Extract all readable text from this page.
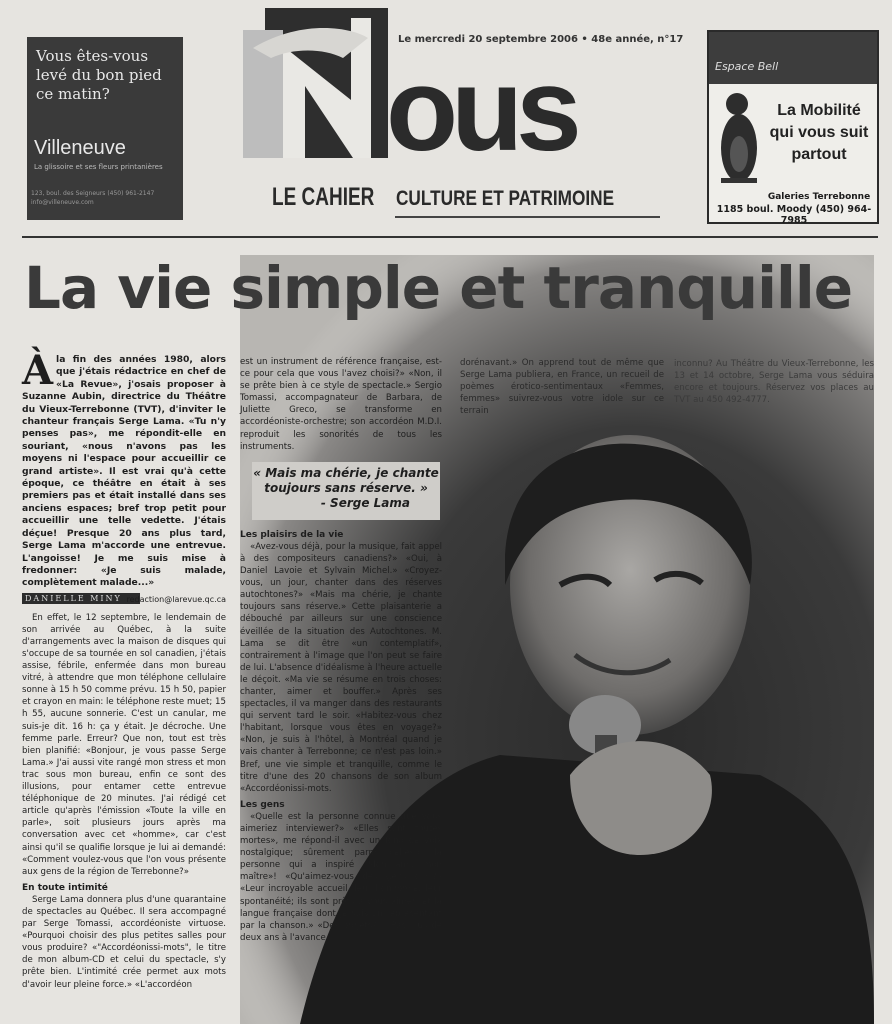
Vous êtes-vous levé du bon pied ce matin?
Villeneuve
La glissoire et ses fleurs printanières
123, boul. des Seigneurs (450) 961-2147 info@villeneuve.com
ous
Le mercredi 20 septembre 2006 • 48e année, n°17
LE CAHIER CULTURE ET PATRIMOINE
Espace Bell
La Mobilité qui vous suit partout
Galeries Terrebonne
1185 boul. Moody (450) 964-7985
La vie simple et tranquille

Àla fin des années 1980, alors que j'étais rédactrice en chef de «La Revue», j'osais proposer à Suzanne Aubin, directrice du Théâtre du Vieux-Terrebonne (TVT), d'inviter le chanteur français Serge Lama. «Tu n'y penses pas», me répondit-elle en souriant, «nous n'avons pas les moyens ni l'espace pour accueillir ce grand artiste». Il est vrai qu'à cette époque, ce théâtre en était à ses premiers pas et était installé dans ses anciens espaces; bref trop petit pour accueillir une telle vedette. J'étais déçue! Presque 20 ans plus tard, Serge Lama m'accorde une entrevue. L'angoisse! Je me suis mise à fredonner: «Je suis malade, complètement malade...»

DANIELLE MINY redaction@larevue.qc.ca

En effet, le 12 septembre, le lendemain de son arrivée au Québec, à la suite d'arrangements avec la maison de disques qui s'occupe de sa tournée en sol canadien, j'étais assise, fébrile, enfermée dans mon bureau vitré, à attendre que mon téléphone cellulaire sonne à 15 h 50 comme prévu. 15 h 50, papier et crayon en main: le téléphone reste muet; 15 h 55, aucune sonnerie. C'est un canular, me suis-je dit. 16 h: ça y était. Je décroche. Une femme parle. Erreur? Que non, tout est très bien planifié: «Bonjour, je vous passe Serge Lama.» J'ai aussi vite rangé mon stress et mon trac sous mon bureau, enfin ce sont des illusions, pour entamer cette entrevue téléphonique de 20 minutes. J'ai rédigé cet article qu'après l'émission «Toute la ville en parle», soit plusieurs jours après ma conversation avec cet «homme», car c'est ainsi qu'il se qualifie lorsque je lui ai demandé: «Comment voulez-vous que l'on vous présente aux gens de la région de Terrebonne?»

En toute intimité

Serge Lama donnera plus d'une quarantaine de spectacles au Québec. Il sera accompagné par Serge Tomassi, accordéoniste virtuose. «Pourquoi choisir des plus petites salles pour vous produire? «"Accordéonissi-mots", le titre de mon album-CD et celui du spectacle, s'y prête bien. L'intimité crée permet aux mots d'avoir leur pleine force.» «L'accordéon

est un instrument de référence française, est-ce pour cela que vous l'avez choisi?» «Non, il se prête bien à ce style de spectacle.» Sergio Tomassi, accompagnateur de Barbara, de Juliette Greco, se transforme en accordéoniste-orchestre; son accordéon M.D.I. reproduit les sonorités de tous les instruments.

« Mais ma chérie, je chante toujours sans réserve. »
- Serge Lama

Les plaisirs de la vie

«Avez-vous déjà, pour la musique, fait appel à des compositeurs canadiens?» «Oui, à Daniel Lavoie et Sylvain Michel.» «Croyez-vous, un jour, chanter dans des réserves autochtones?» «Mais ma chérie, je chante toujours sans réserve.» Cette plaisanterie a débouché par ailleurs sur une conscience éveillée de la situation des Autochtones. M. Lama se dit être «un contemplatif», contrairement à l'image que l'on peut se faire de lui. L'absence d'idéalisme à l'heure actuelle le déçoit. «Ma vie se résume en trois choses: chanter, aimer et bouffer.» Après ses spectacles, il va manger dans des restaurants qui servent tard le soir. «Habitez-vous chez l'habitant, lorsque vous êtes en voyage?» «Non, je suis à l'hôtel, à Montréal quand je vais chanter à Terrebonne; ce n'est pas loin.» Bref, une vie simple et tranquille, comme le titre d'une des 20 chansons de son album «Accordéonissi-mots.

Les gens

«Quelle est la personne connue que vous aimeriez interviewer?» «Elles sont toutes mortes», me répond-il avec un fond de voix nostalgique; sûrement parmi celles-ci la personne qui a inspiré «Mon ami, mon maître»! «Qu'aimez-vous des gens d'ici?» «Leur incroyable accueil, leur bonhomie, leur spontanéité; ils sont prêts à vous aimer, et la langue française dont je suis un représentant par la chanson.» «Des projets?» «Pas plus de deux ans à l'avance

dorénavant.» On apprend tout de même que Serge Lama publiera, en France, un recueil de poèmes érotico-sentimentaux «Femmes, femmes» suivrez-vous votre idole sur ce terrain

inconnu? Au Théâtre du Vieux-Terrebonne, les 13 et 14 octobre, Serge Lama vous séduira encore et toujours. Réservez vos places au TVT au 450 492-4777.
